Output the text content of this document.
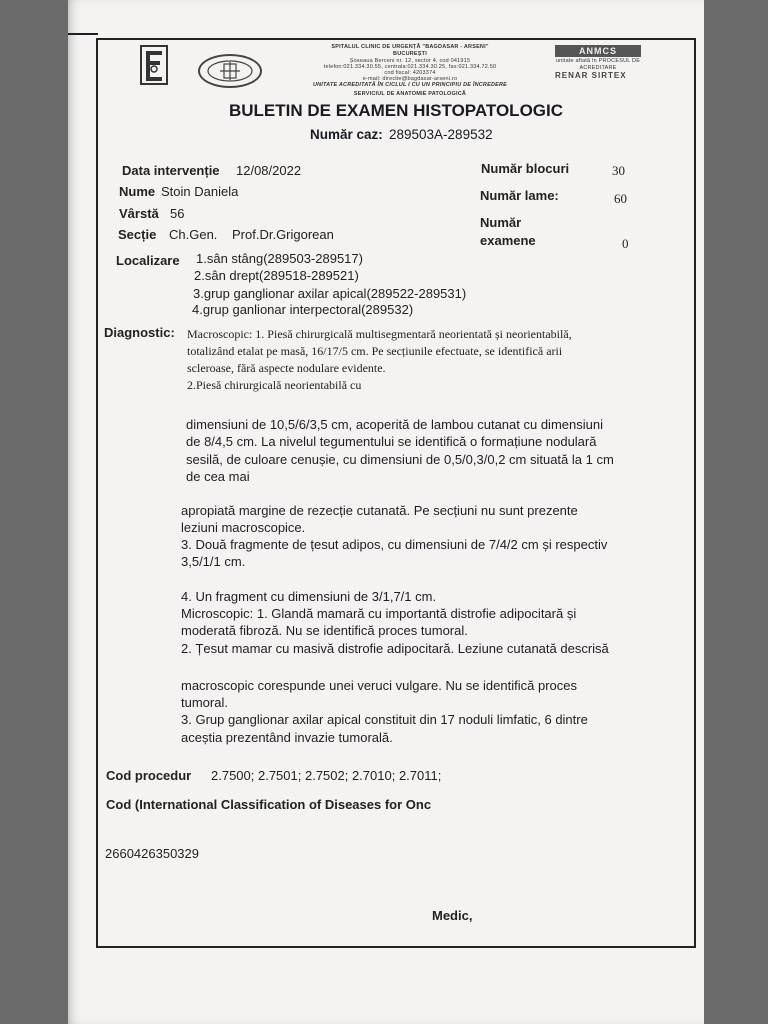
SPITALUL CLINIC DE URGENȚĂ "BAGDASAR - ARSENI"
BUCUREȘTI
Șoseaua Berceni nr. 12, sector 4, cod 041915
telefon:021.334.30.55, centrala:021.334.30.25, fax:021.334.72.50
cod fiscal: 4203374
e-mail: directie@bagdasar-arseni.ro
UNITATE ACREDITATĂ ÎN CICLUL I CU UN PRINCIPIU DE ÎNCREDERE
SERVICIUL DE ANATOMIE PATOLOGICĂ
ANMCS
unitate aflată în PROCESUL DE ACREDITARE
RENAR SIRTEX
BULETIN DE EXAMEN HISTOPATOLOGIC
Număr caz: 289503A-289532
Data intervenție 12/08/2022
Nume Stoin Daniela
Vârstă 56
Secție Ch.Gen. Prof.Dr.Grigorean
Număr blocuri	30
Număr lame:	60
Număr
examene	0
Localizare 1.sân stâng(289503-289517)
2.sân drept(289518-289521)
3.grup ganglionar axilar apical(289522-289531)
4.grup ganlionar interpectoral(289532)
Diagnostic: Macroscopic: 1. Piesă chirurgicală multisegmentară neorientată și neorientabilă,
totalizând etalat pe masă, 16/17/5 cm. Pe secțiunile efectuate, se identifică arii
scleroase, fără aspecte nodulare evidente.
2.Piesă chirurgicală neorientabilă cu
dimensiuni de 10,5/6/3,5 cm, acoperită de lambou cutanat cu dimensiuni
de 8/4,5 cm. La nivelul tegumentului se identifică o formațiune nodulară
sesilă, de culoare cenușie, cu dimensiuni de 0,5/0,3/0,2 cm situată la 1 cm
de cea mai
apropiată margine de rezecție cutanată. Pe secțiuni nu sunt prezente
leziuni macroscopice.
3. Două fragmente de țesut adipos, cu dimensiuni de 7/4/2 cm și respectiv
3,5/1/1 cm.
4. Un fragment cu dimensiuni de 3/1,7/1 cm.
Microscopic: 1. Glandă mamară cu importantă distrofie adipocitară și
moderată fibroză. Nu se identifică proces tumoral.
2. Țesut mamar cu masivă distrofie adipocitară. Leziune cutanată descrisă
macroscopic corespunde unei veruci vulgare. Nu se identifică proces
tumoral.
3. Grup ganglionar axilar apical constituit din 17 noduli limfatic, 6 dintre
aceștia prezentând invazie tumorală.
Cod procedur 2.7500; 2.7501; 2.7502; 2.7010; 2.7011;
Cod (International Classification of Diseases for Onc
2660426350329
Medic,
